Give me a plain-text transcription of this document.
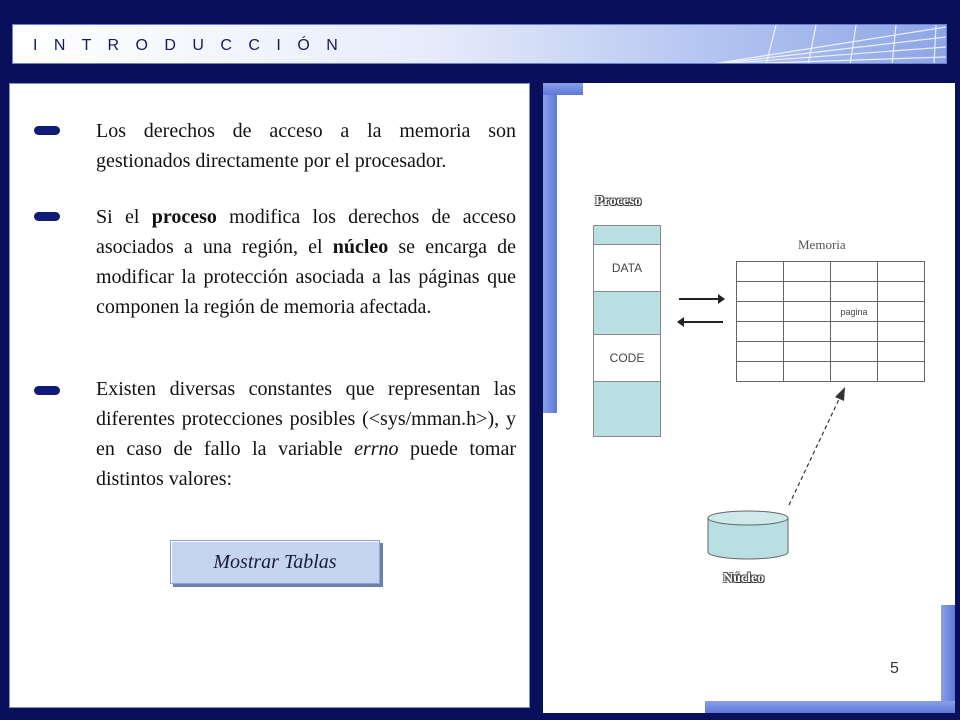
I N T R O D U C C I Ó N
Los derechos de acceso a la memoria son gestionados directamente por el procesador.
Si el proceso modifica los derechos de acceso asociados a una región, el núcleo se encarga de modificar la protección asociada a las páginas que componen la región de memoria afectada.
Existen diversas constantes que representan las diferentes protecciones posibles (<sys/mman.h>), y en caso de fallo la variable errno puede tomar distintos valores:
Mostrar Tablas
Proceso
DATA
CODE
Memoria

		pagina	

Núcleo
5
